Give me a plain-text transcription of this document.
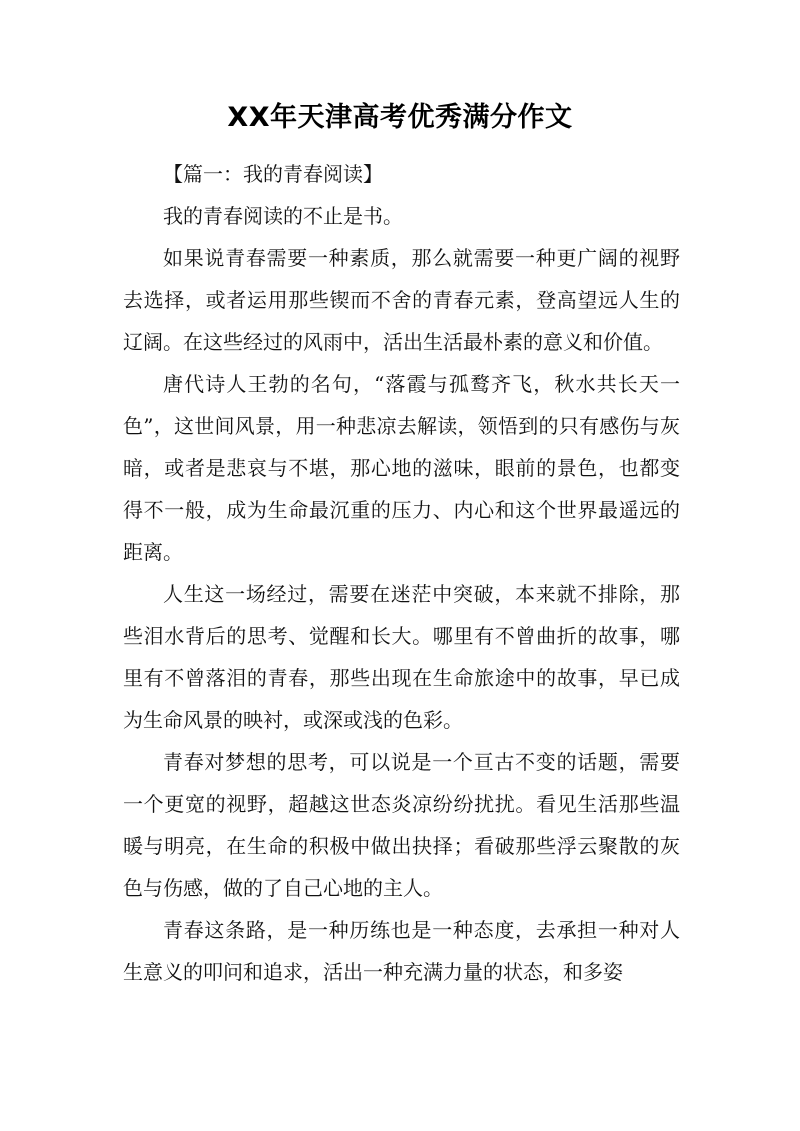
XX年天津高考优秀满分作文

【篇一：我的青春阅读】

我的青春阅读的不止是书。

如果说青春需要一种素质，那么就需要一种更广阔的视野去选择，或者运用那些锲而不舍的青春元素，登高望远人生的辽阔。在这些经过的风雨中，活出生活最朴素的意义和价值。

唐代诗人王勃的名句，“落霞与孤鹜齐飞，秋水共长天一色”，这世间风景，用一种悲凉去解读，领悟到的只有感伤与灰暗，或者是悲哀与不堪，那心地的滋味，眼前的景色，也都变得不一般，成为生命最沉重的压力、内心和这个世界最遥远的距离。

人生这一场经过，需要在迷茫中突破，本来就不排除，那些泪水背后的思考、觉醒和长大。哪里有不曾曲折的故事，哪里有不曾落泪的青春，那些出现在生命旅途中的故事，早已成为生命风景的映衬，或深或浅的色彩。

青春对梦想的思考，可以说是一个亘古不变的话题，需要一个更宽的视野，超越这世态炎凉纷纷扰扰。看见生活那些温暖与明亮，在生命的积极中做出抉择；看破那些浮云聚散的灰色与伤感，做的了自己心地的主人。

青春这条路，是一种历练也是一种态度，去承担一种对人生意义的叩问和追求，活出一种充满力量的状态，和多姿
